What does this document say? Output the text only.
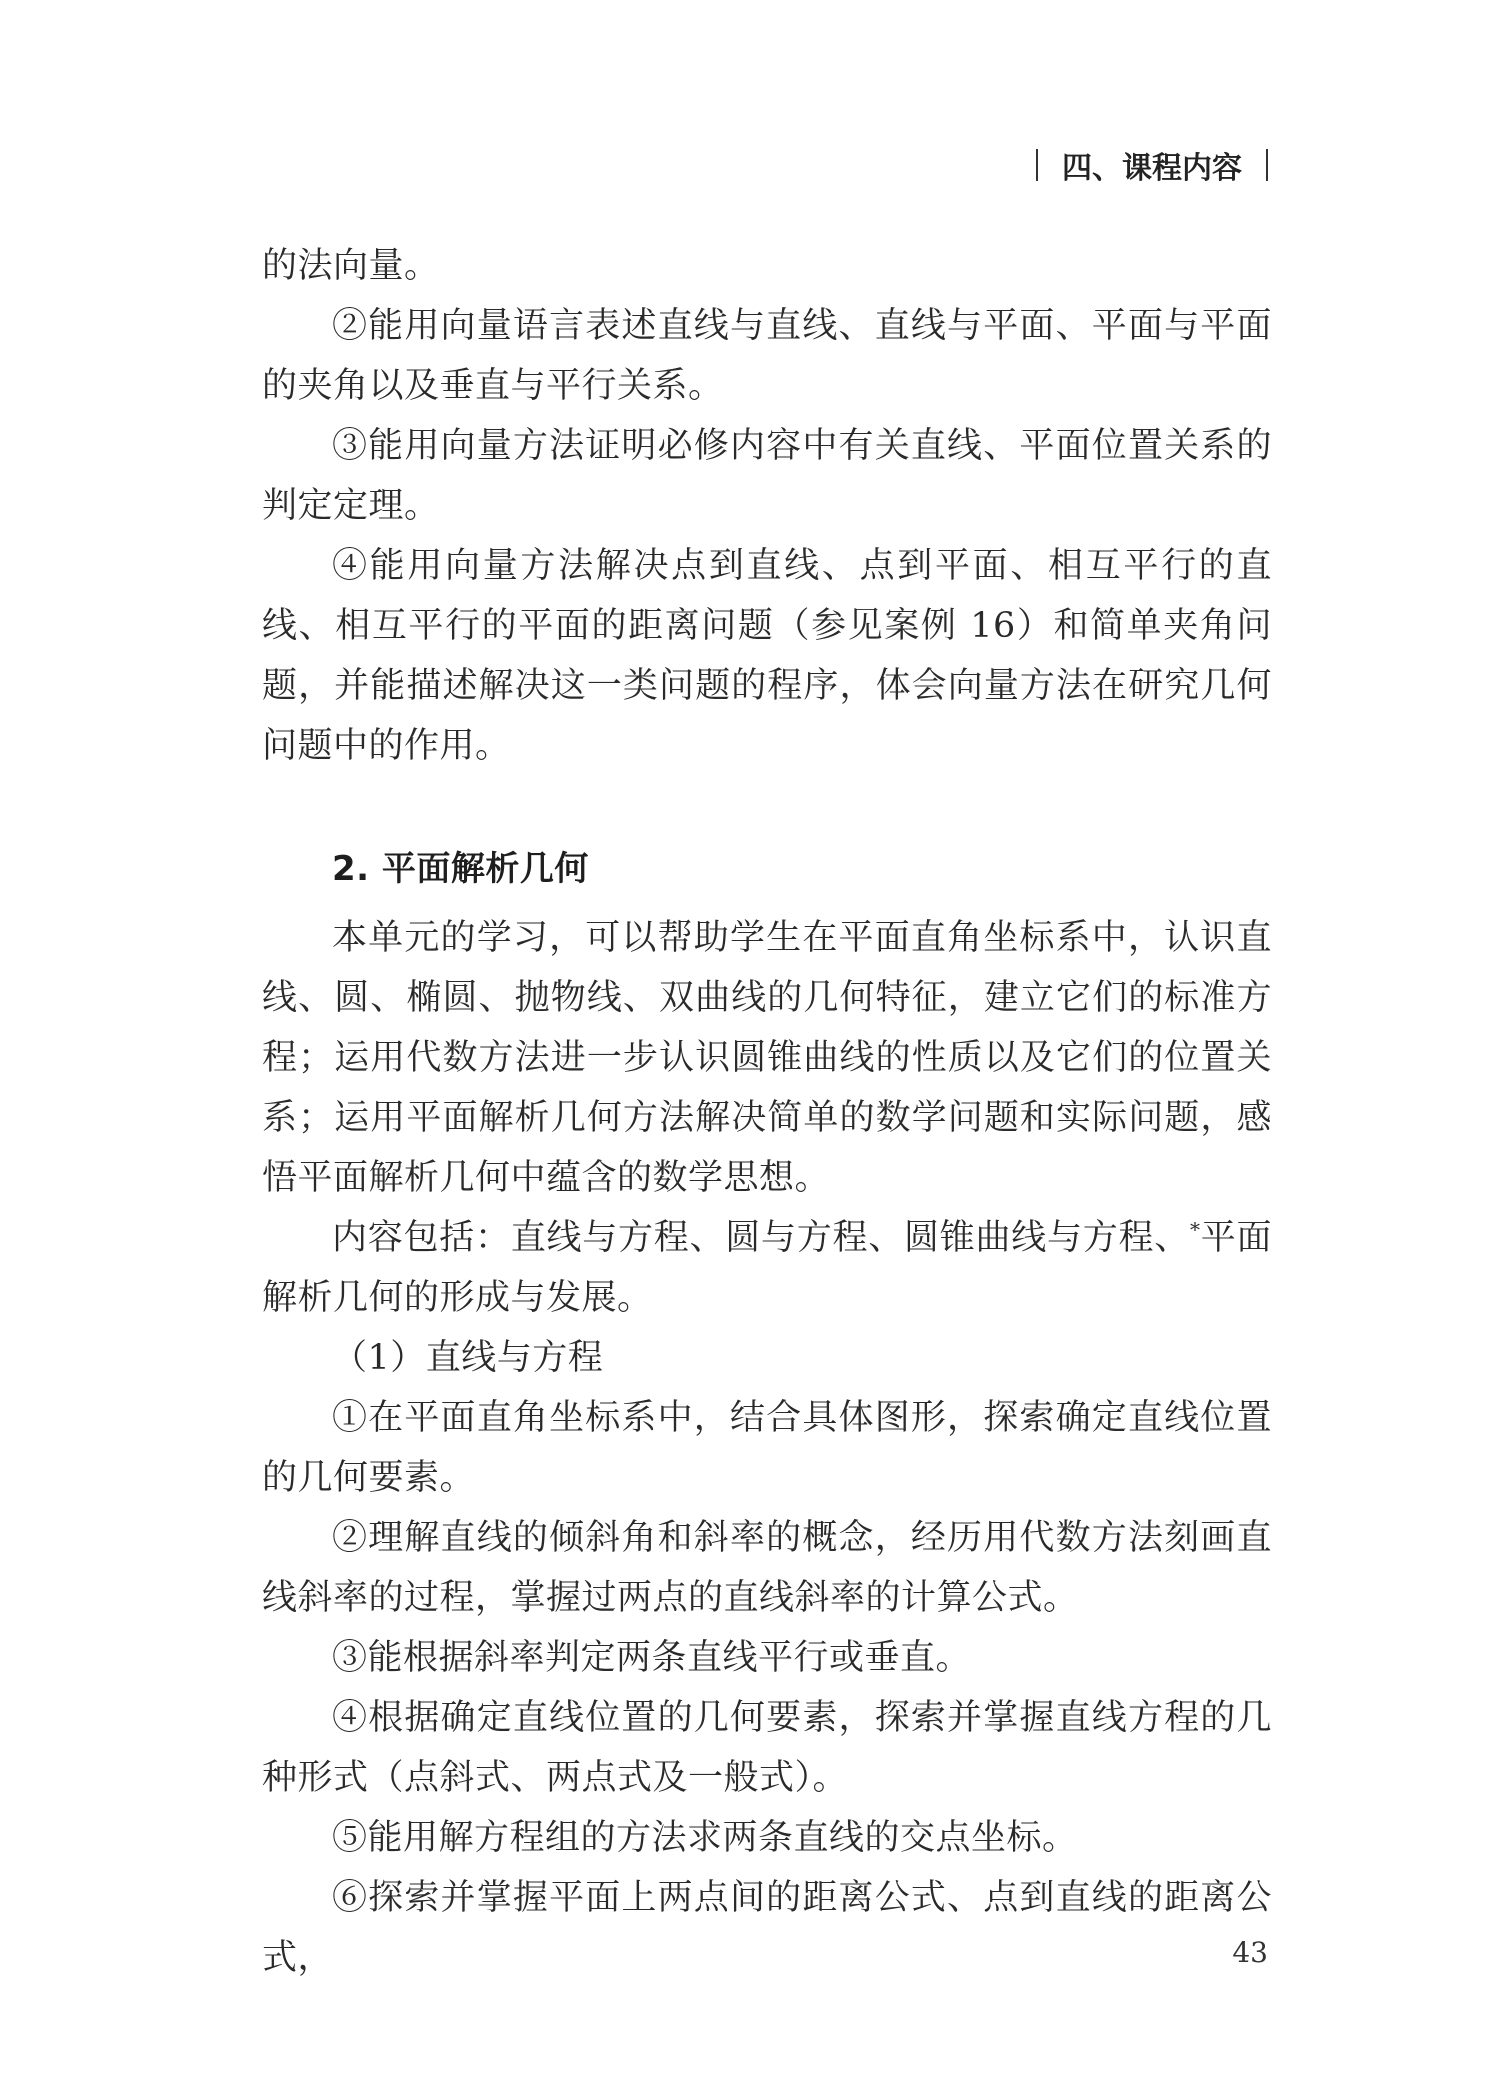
四、课程内容

的法向量。

②能用向量语言表述直线与直线、直线与平面、平面与平面的夹角以及垂直与平行关系。

③能用向量方法证明必修内容中有关直线、平面位置关系的判定定理。

④能用向量方法解决点到直线、点到平面、相互平行的直线、相互平行的平面的距离问题（参见案例 16）和简单夹角问题，并能描述解决这一类问题的程序，体会向量方法在研究几何问题中的作用。

2. 平面解析几何

本单元的学习，可以帮助学生在平面直角坐标系中，认识直线、圆、椭圆、抛物线、双曲线的几何特征，建立它们的标准方程；运用代数方法进一步认识圆锥曲线的性质以及它们的位置关系；运用平面解析几何方法解决简单的数学问题和实际问题，感悟平面解析几何中蕴含的数学思想。

内容包括：直线与方程、圆与方程、圆锥曲线与方程、*平面解析几何的形成与发展。

（1）直线与方程

①在平面直角坐标系中，结合具体图形，探索确定直线位置的几何要素。

②理解直线的倾斜角和斜率的概念，经历用代数方法刻画直线斜率的过程，掌握过两点的直线斜率的计算公式。

③能根据斜率判定两条直线平行或垂直。

④根据确定直线位置的几何要素，探索并掌握直线方程的几种形式（点斜式、两点式及一般式）。

⑤能用解方程组的方法求两条直线的交点坐标。

⑥探索并掌握平面上两点间的距离公式、点到直线的距离公式，	43
